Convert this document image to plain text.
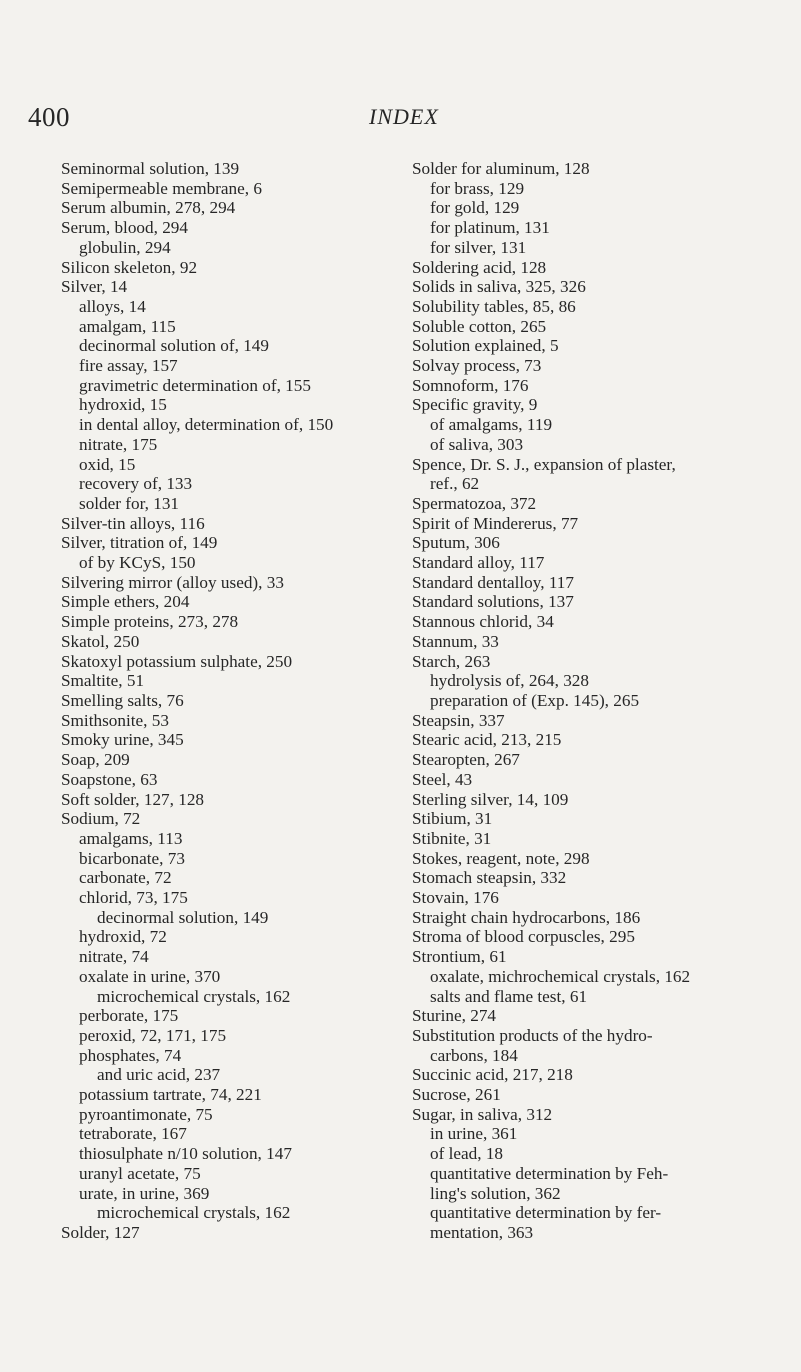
400	INDEX
Seminormal solution, 139
Semipermeable membrane, 6
Serum albumin, 278, 294
Serum, blood, 294
globulin, 294
Silicon skeleton, 92
Silver, 14
alloys, 14
amalgam, 115
decinormal solution of, 149
fire assay, 157
gravimetric determination of, 155
hydroxid, 15
in dental alloy, determination of, 150
nitrate, 175
oxid, 15
recovery of, 133
solder for, 131
Silver-tin alloys, 116
Silver, titration of, 149
of by KCyS, 150
Silvering mirror (alloy used), 33
Simple ethers, 204
Simple proteins, 273, 278
Skatol, 250
Skatoxyl potassium sulphate, 250
Smaltite, 51
Smelling salts, 76
Smithsonite, 53
Smoky urine, 345
Soap, 209
Soapstone, 63
Soft solder, 127, 128
Sodium, 72
amalgams, 113
bicarbonate, 73
carbonate, 72
chlorid, 73, 175
decinormal solution, 149
hydroxid, 72
nitrate, 74
oxalate in urine, 370
microchemical crystals, 162
perborate, 175
peroxid, 72, 171, 175
phosphates, 74
and uric acid, 237
potassium tartrate, 74, 221
pyroantimonate, 75
tetraborate, 167
thiosulphate n/10 solution, 147
uranyl acetate, 75
urate, in urine, 369
microchemical crystals, 162
Solder, 127
Solder for aluminum, 128
for brass, 129
for gold, 129
for platinum, 131
for silver, 131
Soldering acid, 128
Solids in saliva, 325, 326
Solubility tables, 85, 86
Soluble cotton, 265
Solution explained, 5
Solvay process, 73
Somnoform, 176
Specific gravity, 9
of amalgams, 119
of saliva, 303
Spence, Dr. S. J., expansion of plaster,
ref., 62
Spermatozoa, 372
Spirit of Mindererus, 77
Sputum, 306
Standard alloy, 117
Standard dentalloy, 117
Standard solutions, 137
Stannous chlorid, 34
Stannum, 33
Starch, 263
hydrolysis of, 264, 328
preparation of (Exp. 145), 265
Steapsin, 337
Stearic acid, 213, 215
Stearopten, 267
Steel, 43
Sterling silver, 14, 109
Stibium, 31
Stibnite, 31
Stokes, reagent, note, 298
Stomach steapsin, 332
Stovain, 176
Straight chain hydrocarbons, 186
Stroma of blood corpuscles, 295
Strontium, 61
oxalate, michrochemical crystals, 162
salts and flame test, 61
Sturine, 274
Substitution products of the hydro-
carbons, 184
Succinic acid, 217, 218
Sucrose, 261
Sugar, in saliva, 312
in urine, 361
of lead, 18
quantitative determination by Feh-
ling's solution, 362
quantitative determination by fer-
mentation, 363
